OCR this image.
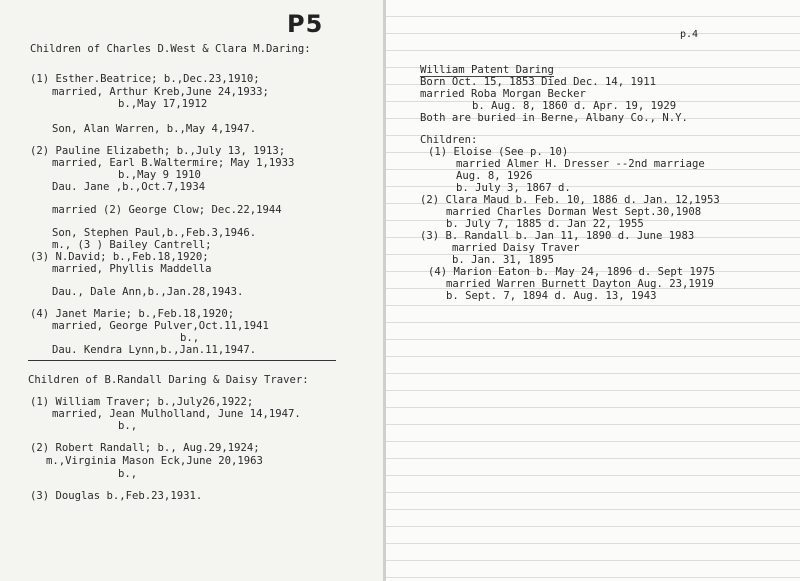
P5
Children of Charles D.West & Clara M.Daring:
(1) Esther.Beatrice; b.,Dec.23,1910;
married, Arthur Kreb,June 24,1933;
b.,May 17,1912
Son, Alan Warren, b.,May 4,1947.
(2) Pauline Elizabeth; b.,July 13, 1913;
married, Earl B.Waltermire; May 1,1933
b.,May 9 1910
Dau. Jane ,b.,Oct.7,1934
married (2) George Clow; Dec.22,1944
Son, Stephen Paul,b.,Feb.3,1946.
m., (3 ) Bailey Cantrell;
(3) N.David; b.,Feb.18,1920;
married, Phyllis Maddella
Dau., Dale Ann,b.,Jan.28,1943.
(4) Janet Marie; b.,Feb.18,1920;
married, George Pulver,Oct.11,1941
b.,
Dau. Kendra Lynn,b.,Jan.11,1947.
Children of B.Randall Daring & Daisy Traver:
(1) William Traver; b.,July26,1922;
married, Jean Mulholland, June 14,1947.
b.,
(2) Robert Randall; b., Aug.29,1924;
m.,Virginia Mason Eck,June 20,1963
b.,
(3) Douglas b.,Feb.23,1931.
p.4
William Patent Daring
Born Oct. 15, 1853 Died Dec. 14, 1911
married Roba Morgan Becker
b. Aug. 8, 1860 d. Apr. 19, 1929
Both are buried in Berne, Albany Co., N.Y.
Children:
(1) Eloise (See p. 10)
married Almer H. Dresser --2nd marriage
Aug. 8, 1926
b. July 3, 1867 d.
(2) Clara Maud b. Feb. 10, 1886 d. Jan. 12,1953
married Charles Dorman West Sept.30,1908
b. July 7, 1885 d. Jan 22, 1955
(3) B. Randall b. Jan 11, 1890 d. June 1983
married Daisy Traver
b. Jan. 31, 1895
(4) Marion Eaton b. May 24, 1896 d. Sept 1975
married Warren Burnett Dayton Aug. 23,1919
b. Sept. 7, 1894 d. Aug. 13, 1943
